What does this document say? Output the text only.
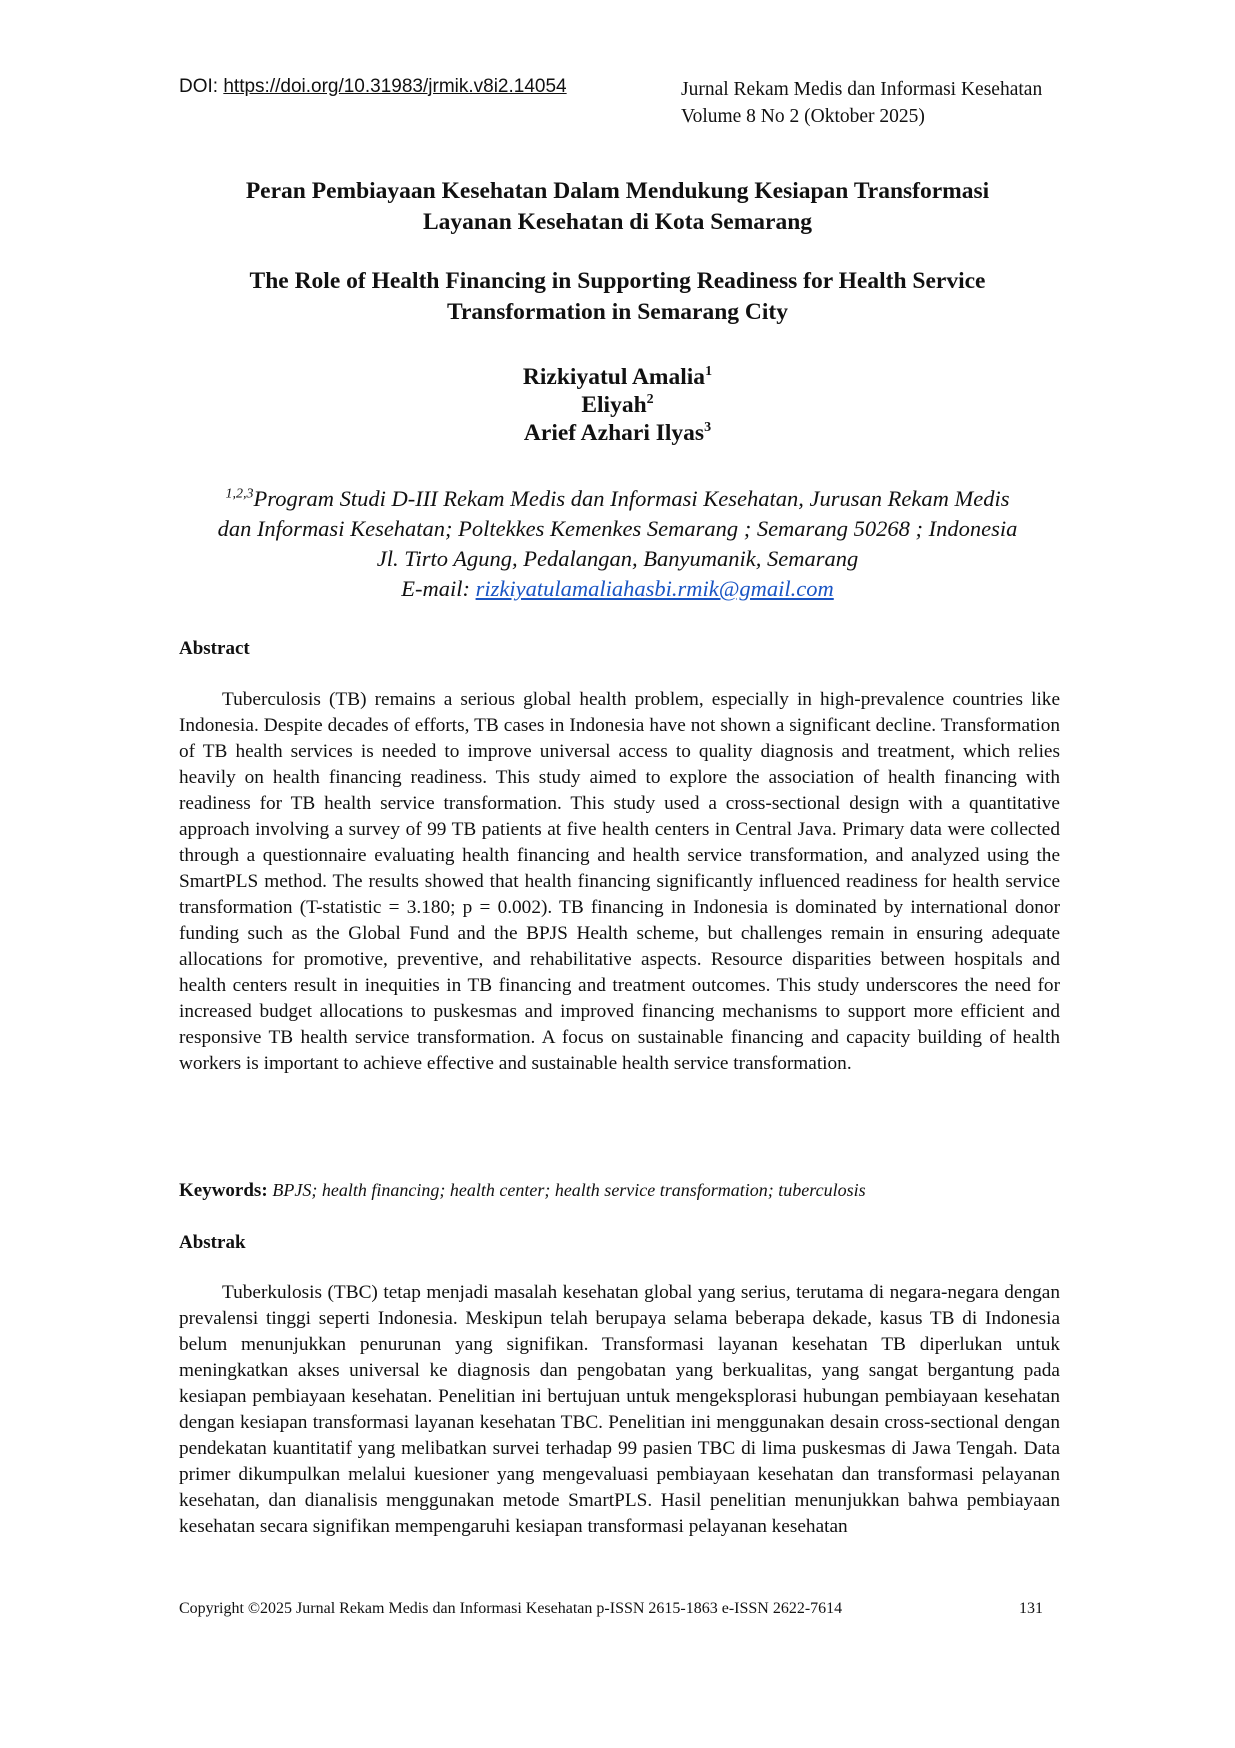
DOI: https://doi.org/10.31983/jrmik.v8i2.14054	Jurnal Rekam Medis dan Informasi Kesehatan
Volume 8 No 2 (Oktober 2025)
Peran Pembiayaan Kesehatan Dalam Mendukung Kesiapan Transformasi
Layanan Kesehatan di Kota Semarang
The Role of Health Financing in Supporting Readiness for Health Service
Transformation in Semarang City
Rizkiyatul Amalia$^1$
Eliyah$^2$
Arief Azhari Ilyas$^3$
$^{1,2,3}$Program Studi D-III Rekam Medis dan Informasi Kesehatan, Jurusan Rekam Medis
dan Informasi Kesehatan; Poltekkes Kemenkes Semarang ; Semarang 50268 ; Indonesia
Jl. Tirto Agung, Pedalangan, Banyumanik, Semarang
E-mail: rizkiyatulamaliahasbi.rmik@gmail.com
Abstract
Tuberculosis (TB) remains a serious global health problem, especially in high-prevalence countries like Indonesia. Despite decades of efforts, TB cases in Indonesia have not shown a significant decline. Transformation of TB health services is needed to improve universal access to quality diagnosis and treatment, which relies heavily on health financing readiness. This study aimed to explore the association of health financing with readiness for TB health service transformation. This study used a cross-sectional design with a quantitative approach involving a survey of 99 TB patients at five health centers in Central Java. Primary data were collected through a questionnaire evaluating health financing and health service transformation, and analyzed using the SmartPLS method. The results showed that health financing significantly influenced readiness for health service transformation (T-statistic = 3.180; p = 0.002). TB financing in Indonesia is dominated by international donor funding such as the Global Fund and the BPJS Health scheme, but challenges remain in ensuring adequate allocations for promotive, preventive, and rehabilitative aspects. Resource disparities between hospitals and health centers result in inequities in TB financing and treatment outcomes. This study underscores the need for increased budget allocations to puskesmas and improved financing mechanisms to support more efficient and responsive TB health service transformation. A focus on sustainable financing and capacity building of health workers is important to achieve effective and sustainable health service transformation.
Keywords: BPJS; health financing; health center; health service transformation; tuberculosis
Abstrak
Tuberkulosis (TBC) tetap menjadi masalah kesehatan global yang serius, terutama di negara-negara dengan prevalensi tinggi seperti Indonesia. Meskipun telah berupaya selama beberapa dekade, kasus TB di Indonesia belum menunjukkan penurunan yang signifikan. Transformasi layanan kesehatan TB diperlukan untuk meningkatkan akses universal ke diagnosis dan pengobatan yang berkualitas, yang sangat bergantung pada kesiapan pembiayaan kesehatan. Penelitian ini bertujuan untuk mengeksplorasi hubungan pembiayaan kesehatan dengan kesiapan transformasi layanan kesehatan TBC. Penelitian ini menggunakan desain cross-sectional dengan pendekatan kuantitatif yang melibatkan survei terhadap 99 pasien TBC di lima puskesmas di Jawa Tengah. Data primer dikumpulkan melalui kuesioner yang mengevaluasi pembiayaan kesehatan dan transformasi pelayanan kesehatan, dan dianalisis menggunakan metode SmartPLS. Hasil penelitian menunjukkan bahwa pembiayaan kesehatan secara signifikan mempengaruhi kesiapan transformasi pelayanan kesehatan
Copyright ©2025 Jurnal Rekam Medis dan Informasi Kesehatan p-ISSN 2615-1863 e-ISSN 2622-7614	131
